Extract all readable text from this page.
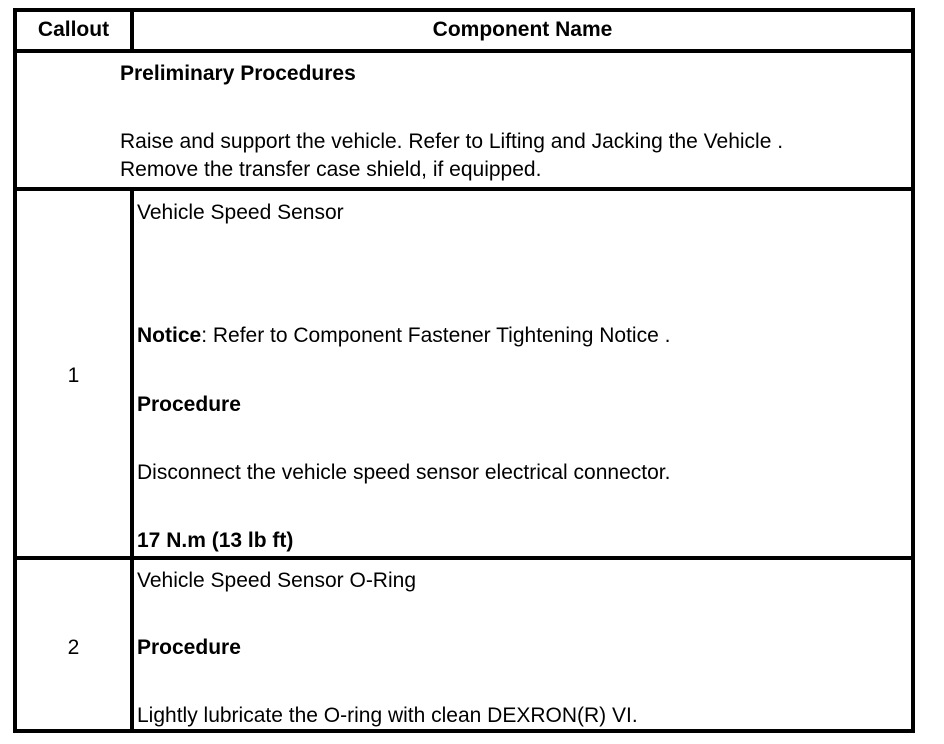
Callout	Component Name
Preliminary Procedures
Raise and support the vehicle. Refer to Lifting and Jacking the Vehicle .
Remove the transfer case shield, if equipped.
1
Vehicle Speed Sensor
Notice: Refer to Component Fastener Tightening Notice .
Procedure
Disconnect the vehicle speed sensor electrical connector.
17 N.m (13 lb ft)
2
Vehicle Speed Sensor O-Ring
Procedure
Lightly lubricate the O-ring with clean DEXRON(R) VI.
